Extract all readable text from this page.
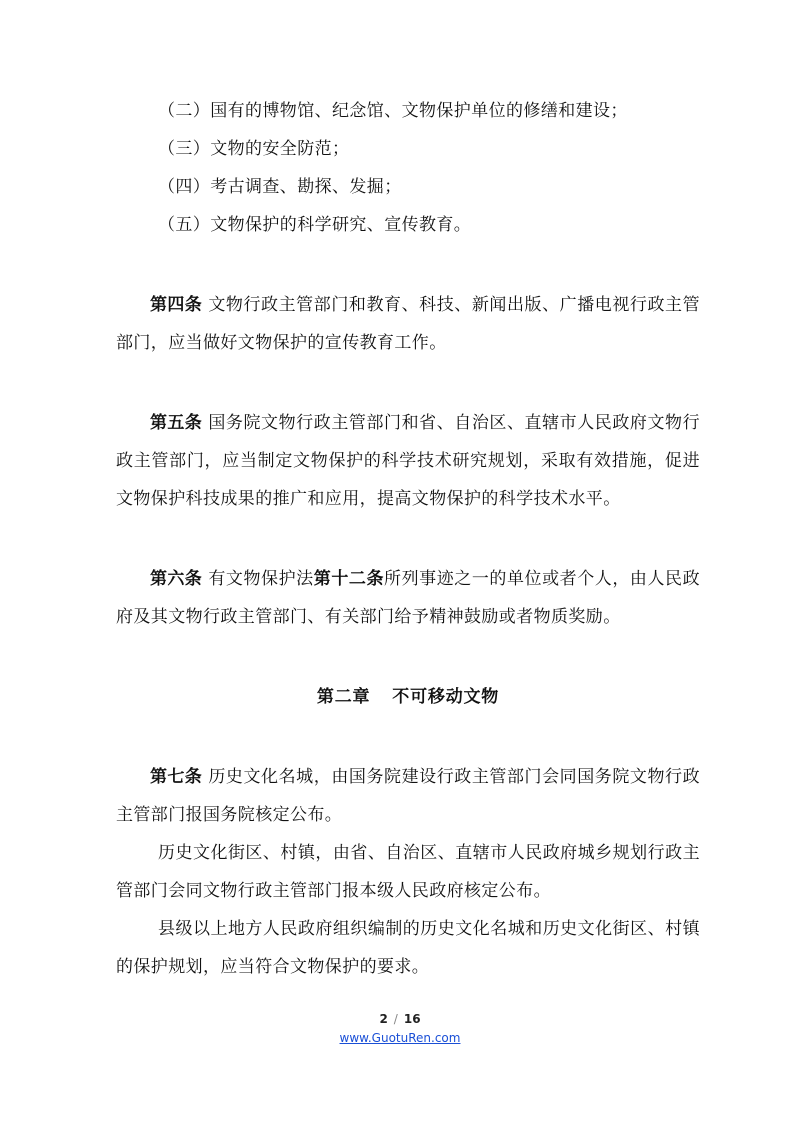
（二）国有的博物馆、纪念馆、文物保护单位的修缮和建设；

（三）文物的安全防范；

（四）考古调查、勘探、发掘；

（五）文物保护的科学研究、宣传教育。

第四条 文物行政主管部门和教育、科技、新闻出版、广播电视行政主管部门，应当做好文物保护的宣传教育工作。

第五条 国务院文物行政主管部门和省、自治区、直辖市人民政府文物行政主管部门，应当制定文物保护的科学技术研究规划，采取有效措施，促进文物保护科技成果的推广和应用，提高文物保护的科学技术水平。

第六条 有文物保护法第十二条所列事迹之一的单位或者个人，由人民政府及其文物行政主管部门、有关部门给予精神鼓励或者物质奖励。

第二章 不可移动文物

第七条 历史文化名城，由国务院建设行政主管部门会同国务院文物行政主管部门报国务院核定公布。

历史文化街区、村镇，由省、自治区、直辖市人民政府城乡规划行政主管部门会同文物行政主管部门报本级人民政府核定公布。

县级以上地方人民政府组织编制的历史文化名城和历史文化街区、村镇的保护规划，应当符合文物保护的要求。

2 / 16
www.GuotuRen.com
